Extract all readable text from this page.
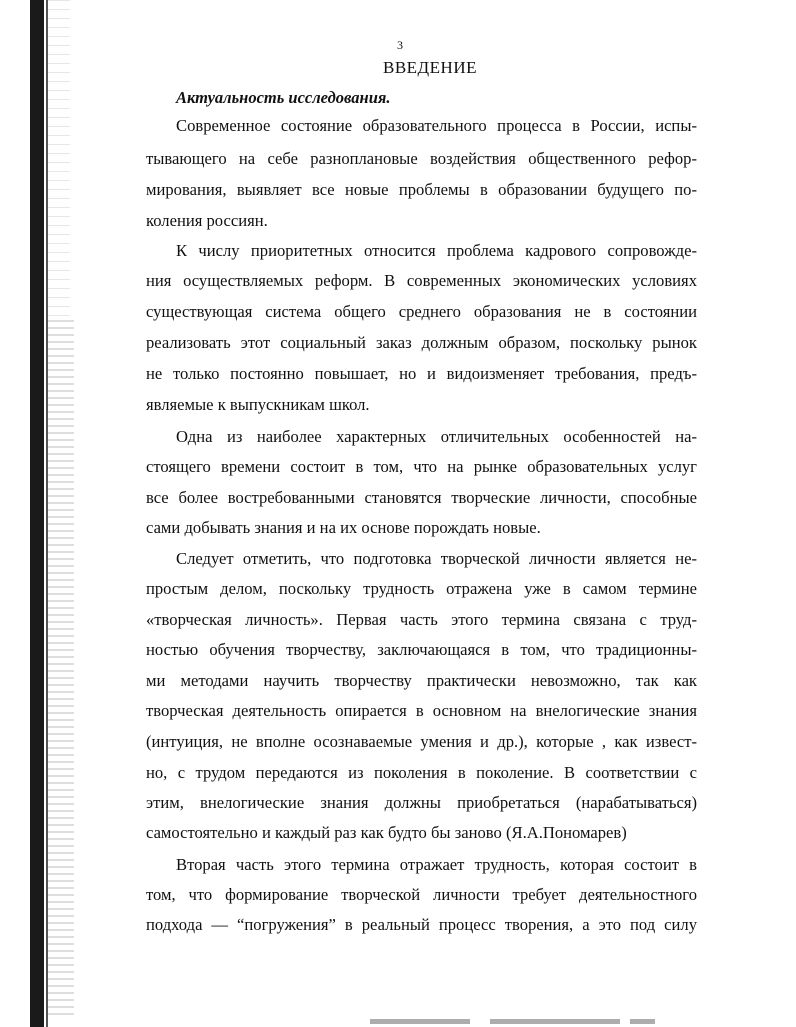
3
ВВЕДЕНИЕ
Актуальность исследования.
Современное состояние образовательного процесса в России, испы-
тывающего на себе разноплановые воздействия общественного рефор-
мирования, выявляет все новые проблемы в образовании будущего по-
коления россиян.
К числу приоритетных относится проблема кадрового сопровожде-
ния осуществляемых реформ. В современных экономических условиях
существующая система общего среднего образования не в состоянии
реализовать этот социальный заказ должным образом, поскольку рынок
не только постоянно повышает, но и видоизменяет требования, предъ-
являемые к выпускникам школ.
Одна из наиболее характерных отличительных особенностей на-
стоящего времени состоит в том, что на рынке образовательных услуг
все более востребованными становятся творческие личности, способные
сами добывать знания и на их основе порождать новые.
Следует отметить, что подготовка творческой личности является не-
простым делом, поскольку трудность отражена уже в самом термине
«творческая личность». Первая часть этого термина связана с труд-
ностью обучения творчеству, заключающаяся в том, что традиционны-
ми методами научить творчеству практически невозможно, так как
творческая деятельность опирается в основном на внелогические знания
(интуиция, не вполне осознаваемые умения и др.), которые , как извест-
но, с трудом передаются из поколения в поколение. В соответствии с
этим, внелогические знания должны приобретаться (нарабатываться)
самостоятельно и каждый раз как будто бы заново (Я.А.Пономарев)
Вторая часть этого термина отражает трудность, которая состоит в
том, что формирование творческой личности требует деятельностного
подхода — “погружения” в реальный процесс творения, а это под силу
